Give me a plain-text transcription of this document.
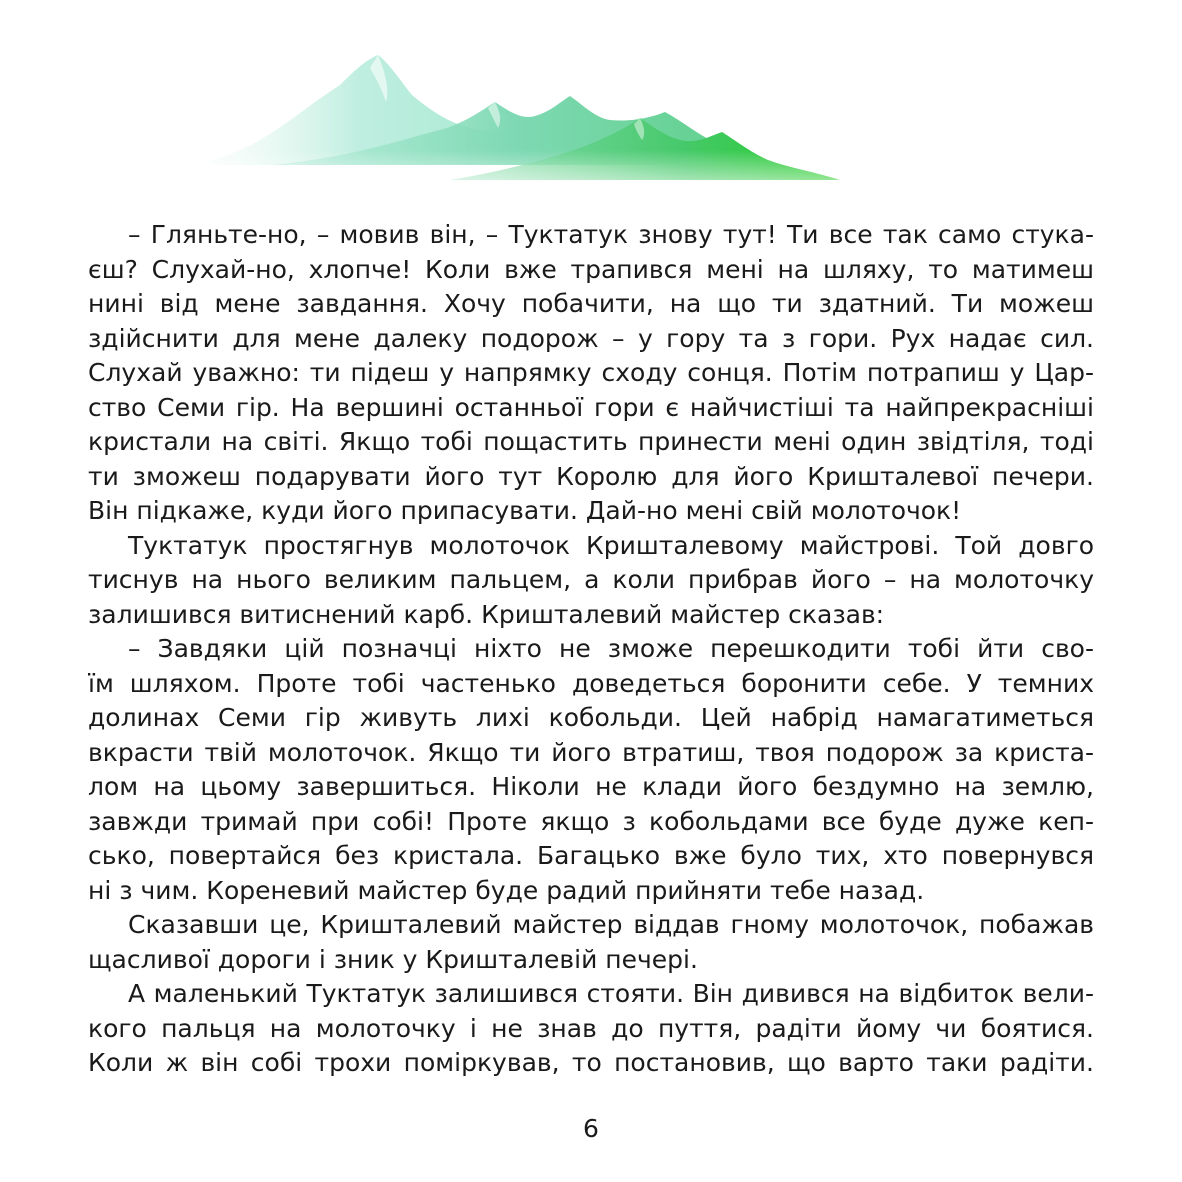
– Гляньте-но, – мовив він, – Туктатук знову тут! Ти все так само стука-
єш? Слухай-но, хлопче! Коли вже трапився мені на шляху, то матимеш
нині від мене завдання. Хочу побачити, на що ти здатний. Ти можеш
здійснити для мене далеку подорож – у гору та з гори. Рух надає сил.
Слухай уважно: ти підеш у напрямку сходу сонця. Потім потрапиш у Цар-
ство Семи гір. На вершині останньої гори є найчистіші та найпрекрасніші
кристали на світі. Якщо тобі пощастить принести мені один звідтіля, тоді
ти зможеш подарувати його тут Королю для його Кришталевої печери.
Він підкаже, куди його припасувати. Дай-но мені свій молоточок!
Туктатук простягнув молоточок Кришталевому майстрові. Той довго
тиснув на нього великим пальцем, а коли прибрав його – на молоточку
залишився витиснений карб. Кришталевий майстер сказав:
– Завдяки цій позначці ніхто не зможе перешкодити тобі йти сво-
їм шляхом. Проте тобі частенько доведеться боронити себе. У темних
долинах Семи гір живуть лихі кобольди. Цей набрід намагатиметься
вкрасти твій молоточок. Якщо ти його втратиш, твоя подорож за криста-
лом на цьому завершиться. Ніколи не клади його бездумно на землю,
завжди тримай при собі! Проте якщо з кобольдами все буде дуже кеп-
сько, повертайся без кристала. Багацько вже було тих, хто повернувся
ні з чим. Кореневий майстер буде радий прийняти тебе назад.
Сказавши це, Кришталевий майстер віддав гному молоточок, побажав
щасливої дороги і зник у Кришталевій печері.
А маленький Туктатук залишився стояти. Він дивився на відбиток вели-
кого пальця на молоточку і не знав до пуття, радіти йому чи боятися.
Коли ж він собі трохи поміркував, то постановив, що варто таки радіти.
6
